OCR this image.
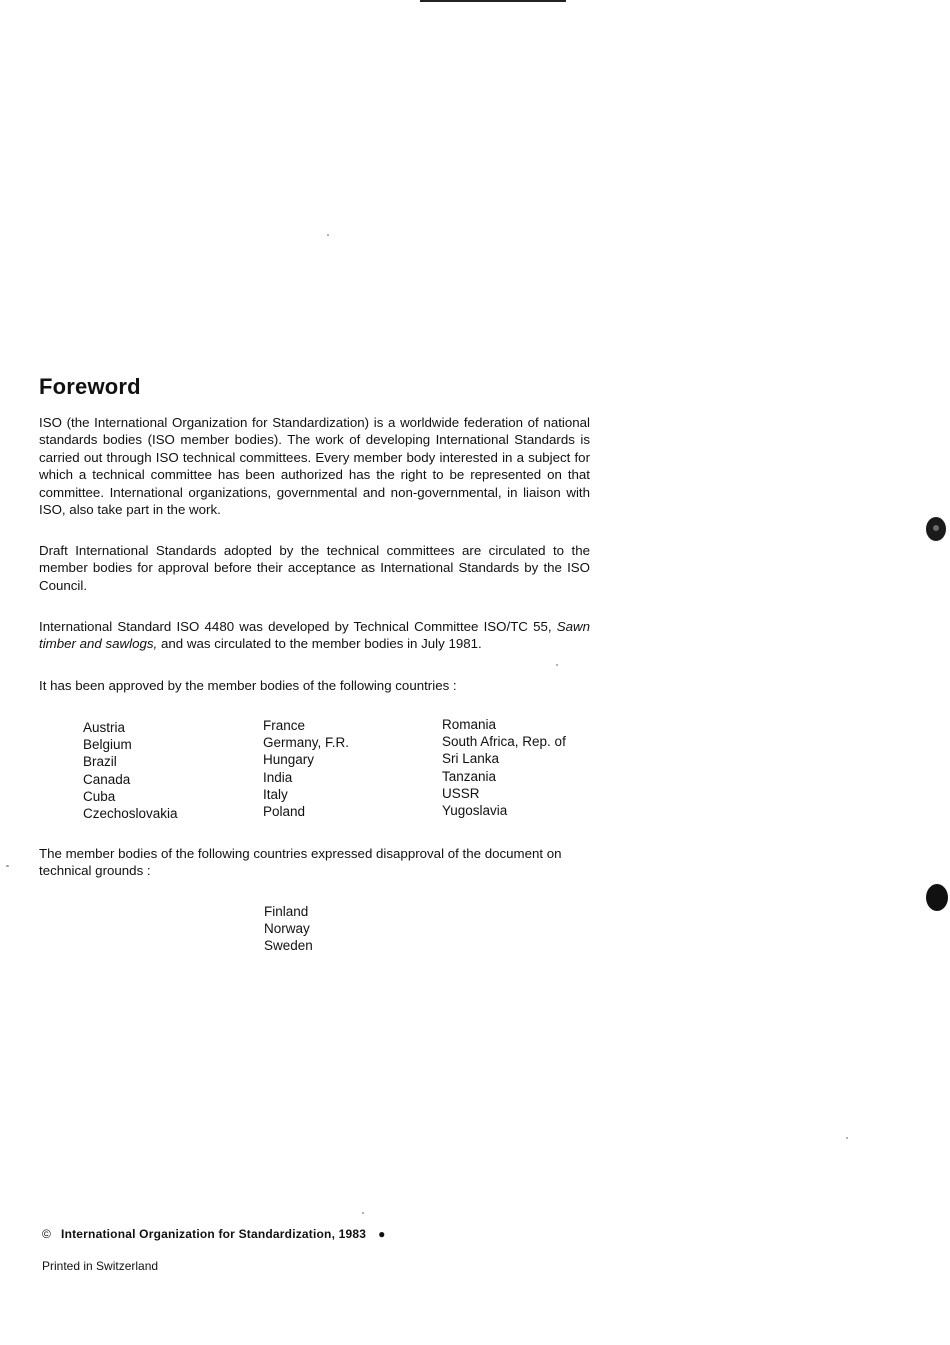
Foreword

ISO (the International Organization for Standardization) is a worldwide federation of national standards bodies (ISO member bodies). The work of developing International Standards is carried out through ISO technical committees. Every member body interested in a subject for which a technical committee has been authorized has the right to be represented on that committee. International organizations, governmental and non-governmental, in liaison with ISO, also take part in the work.

Draft International Standards adopted by the technical committees are circulated to the member bodies for approval before their acceptance as International Standards by the ISO Council.

International Standard ISO 4480 was developed by Technical Committee ISO/TC 55, Sawn timber and sawlogs, and was circulated to the member bodies in July 1981.

It has been approved by the member bodies of the following countries :

Austria
Belgium
Brazil
Canada
Cuba
Czechoslovakia
France
Germany, F.R.
Hungary
India
Italy
Poland
Romania
South Africa, Rep. of
Sri Lanka
Tanzania
USSR
Yugoslavia

The member bodies of the following countries expressed disapproval of the document on technical grounds :

Finland
Norway
Sweden
© International Organization for Standardization, 1983 ●
Printed in Switzerland
